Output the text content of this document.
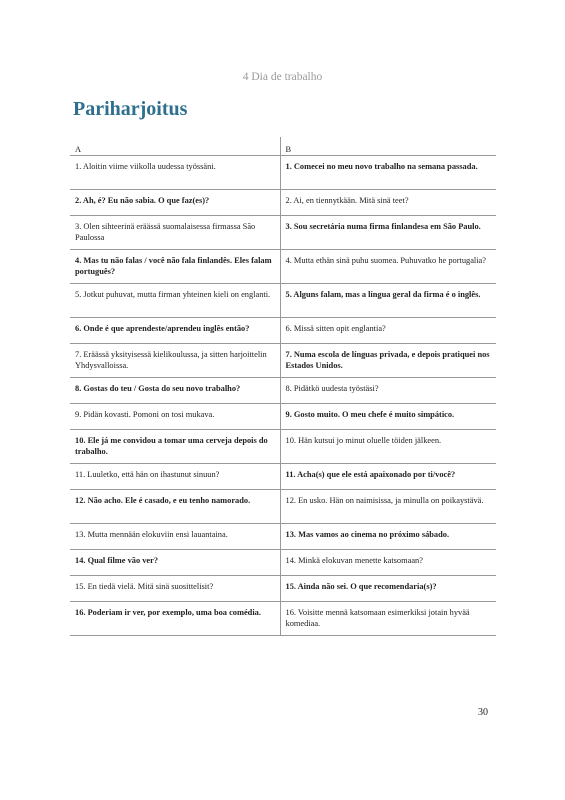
4 Dia de trabalho
Pariharjoitus
A	B
1. Aloitin viime viikolla uudessa työssäni.	1. Comecei no meu novo trabalho na semana passada.
2. Ah, é? Eu não sabia. O que faz(es)?	2. Ai, en tiennytkään. Mitä sinä teet?
3. Olen sihteerinä eräässä suomalaisessa firmassa São Paulossa	3. Sou secretária numa firma finlandesa em São Paulo.
4. Mas tu não falas / você não fala finlandês. Eles falam português?	4. Mutta ethän sinä puhu suomea. Puhuvatko he portugalia?
5. Jotkut puhuvat, mutta firman yhteinen kieli on englanti.	5. Alguns falam, mas a língua geral da firma é o inglês.
6. Onde é que aprendeste/aprendeu inglês então?	6. Missä sitten opit englantia?
7. Eräässä yksityisessä kielikoulussa, ja sitten harjoittelin Yhdysvalloissa.	7. Numa escola de línguas privada, e depois pratiquei nos Estados Unidos.
8. Gostas do teu / Gosta do seu novo trabalho?	8. Pidätkö uudesta työstäsi?
9. Pidän kovasti. Pomoni on tosi mukava.	9. Gosto muito. O meu chefe é muito simpático.
10. Ele já me convidou a tomar uma cerveja depois do trabalho.	10. Hän kutsui jo minut oluelle töiden jälkeen.
11. Luuletko, että hän on ihastunut sinuun?	11. Acha(s) que ele está apaixonado por ti/você?
12. Não acho. Ele é casado, e eu tenho namorado.	12. En usko. Hän on naimisissa, ja minulla on poikaystävä.
13. Mutta mennään elokuviin ensi lauantaina.	13. Mas vamos ao cinema no próximo sábado.
14. Qual filme vão ver?	14. Minkä elokuvan menette katsomaan?
15. En tiedä vielä. Mitä sinä suosittelisit?	15. Ainda não sei. O que recomendaria(s)?
16. Poderiam ir ver, por exemplo, uma boa comédia.	16. Voisitte mennä katsomaan esimerkiksi jotain hyvää komediaa.
30
